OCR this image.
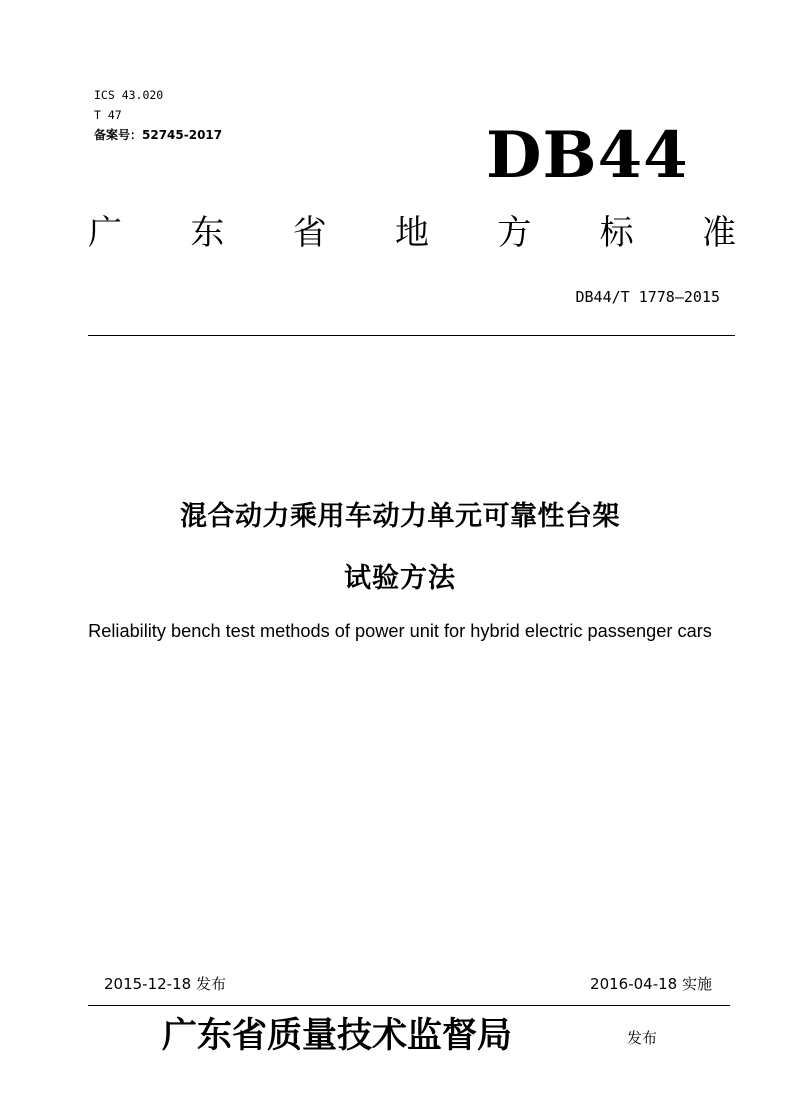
ICS 43.020
T 47
备案号：52745-2017	DB44
广 东 省 地 方 标 准
DB44/T 1778—2015
混合动力乘用车动力单元可靠性台架
试验方法
Reliability bench test methods of power unit for hybrid electric passenger cars
2015-12-18 发布	2016-04-18 实施
广东省质量技术监督局	发布
